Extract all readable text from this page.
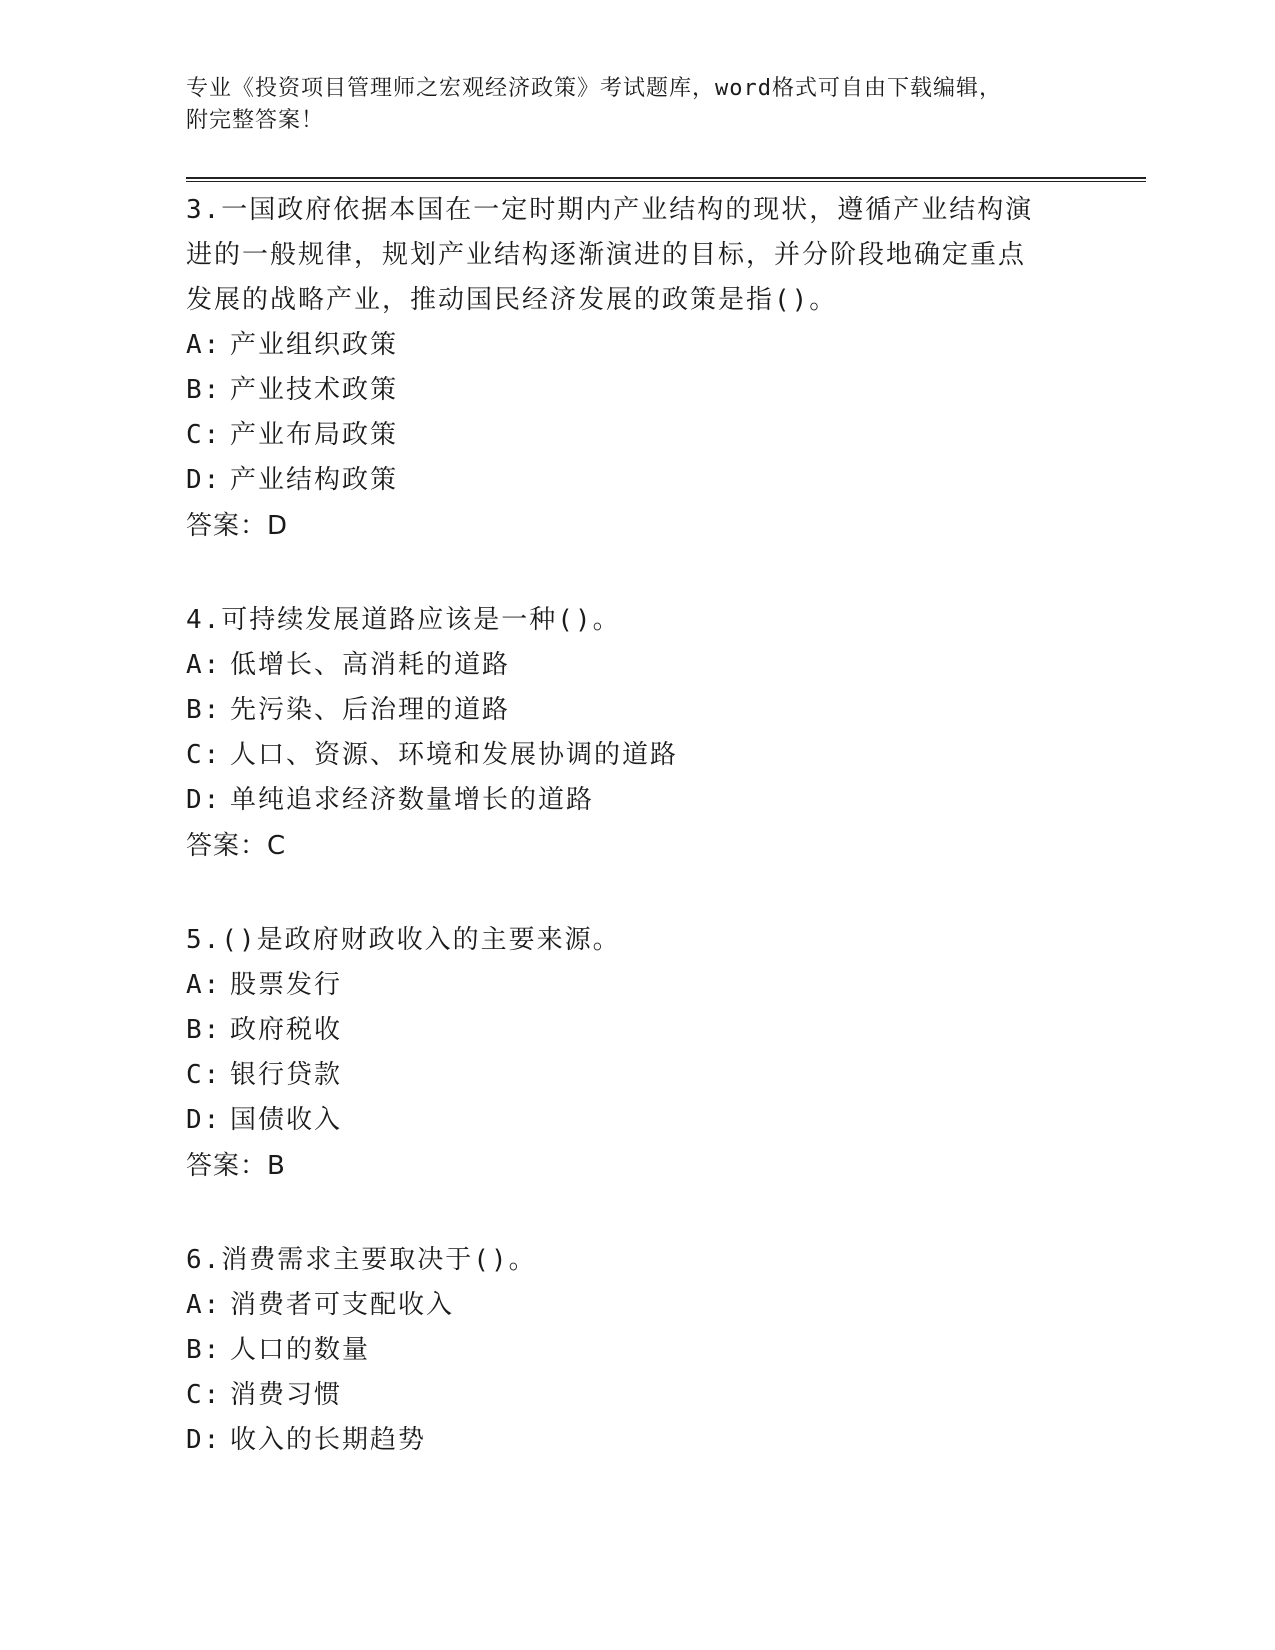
专业《投资项目管理师之宏观经济政策》考试题库，word格式可自由下载编辑，
附完整答案！
3.一国政府依据本国在一定时期内产业结构的现状，遵循产业结构演
进的一般规律，规划产业结构逐渐演进的目标，并分阶段地确定重点
发展的战略产业，推动国民经济发展的政策是指()。
A: 产业组织政策
B: 产业技术政策
C: 产业布局政策
D: 产业结构政策
答案：D
4.可持续发展道路应该是一种()。
A: 低增长、高消耗的道路
B: 先污染、后治理的道路
C: 人口、资源、环境和发展协调的道路
D: 单纯追求经济数量增长的道路
答案：C
5.()是政府财政收入的主要来源。
A: 股票发行
B: 政府税收
C: 银行贷款
D: 国债收入
答案：B
6.消费需求主要取决于()。
A: 消费者可支配收入
B: 人口的数量
C: 消费习惯
D: 收入的长期趋势
